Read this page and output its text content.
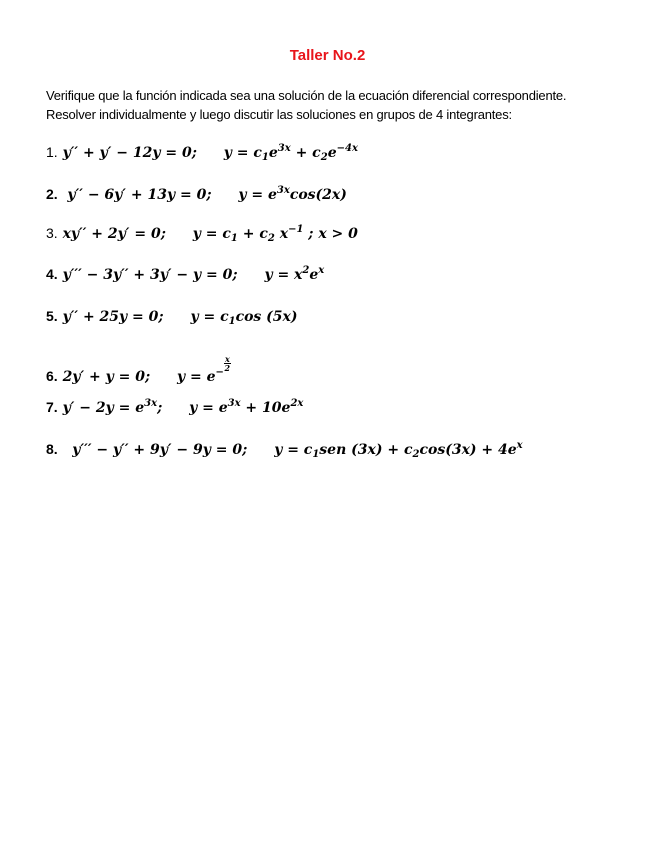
Taller No.2
Verifique que la función indicada sea una solución de la ecuación diferencial correspondiente.
Resolver individualmente y luego discutir las soluciones en grupos de 4 integrantes:
1. y′′ + y′ − 12y = 0; $y = c_1e^{3x} + c_2e^{-4x}$
2.  y′′ − 6y′ + 13y = 0; $y = e^{3x}\cos(2x)$
3. xy′′ + 2y′ = 0; $y = c_1 + c_2$ $x^{-1}$ ; x > 0
4. y′′′ − 3y′′ + 3y′ − y = 0; $y = x^2e^x$
5. y′′ + 25y = 0; $y = c_1\cos$ (5x)
6. 2y′ + y = 0; $y = e^{- \frac{x}{2}}$
7. $y' - 2y = e^{3x}$; $y = e^{3x} + 10e^{2x}$
8.   y′′′ − y′′ + 9y′ − 9y = 0; $y = c_1sen$ $(3x) + c_2\cos(3x) + 4e^x$
